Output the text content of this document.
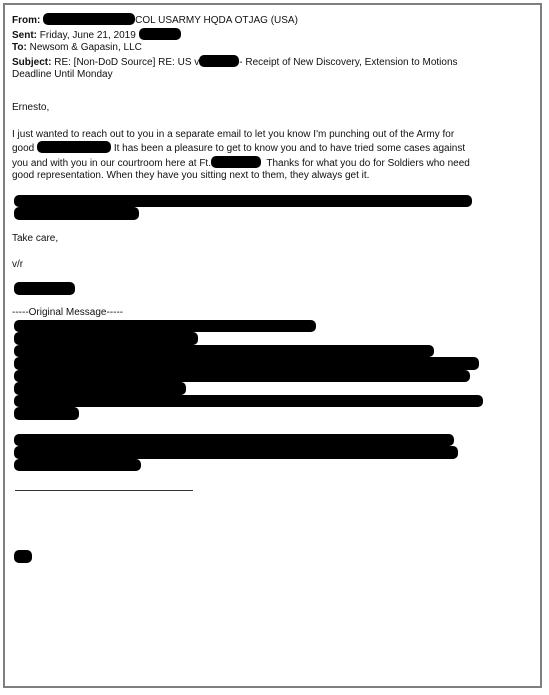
From:	COL USARMY HQDA OTJAG (USA)
Sent: Friday, June 21, 2019
To: Newsom & Gapasin, LLC
Subject: RE: [Non-DoD Source] RE: US v	- Receipt of New Discovery, Extension to Motions
Deadline Until Monday

Ernesto,

I just wanted to reach out to you in a separate email to let you know I'm punching out of the Army for
good	It has been a pleasure to get to know you and to have tried some cases against
you and with you in our courtroom here at Ft.	Thanks for what you do for Soldiers who need
good representation. When they have you sitting next to them, they always get it.

Take care,

v/r

-----Original Message-----
